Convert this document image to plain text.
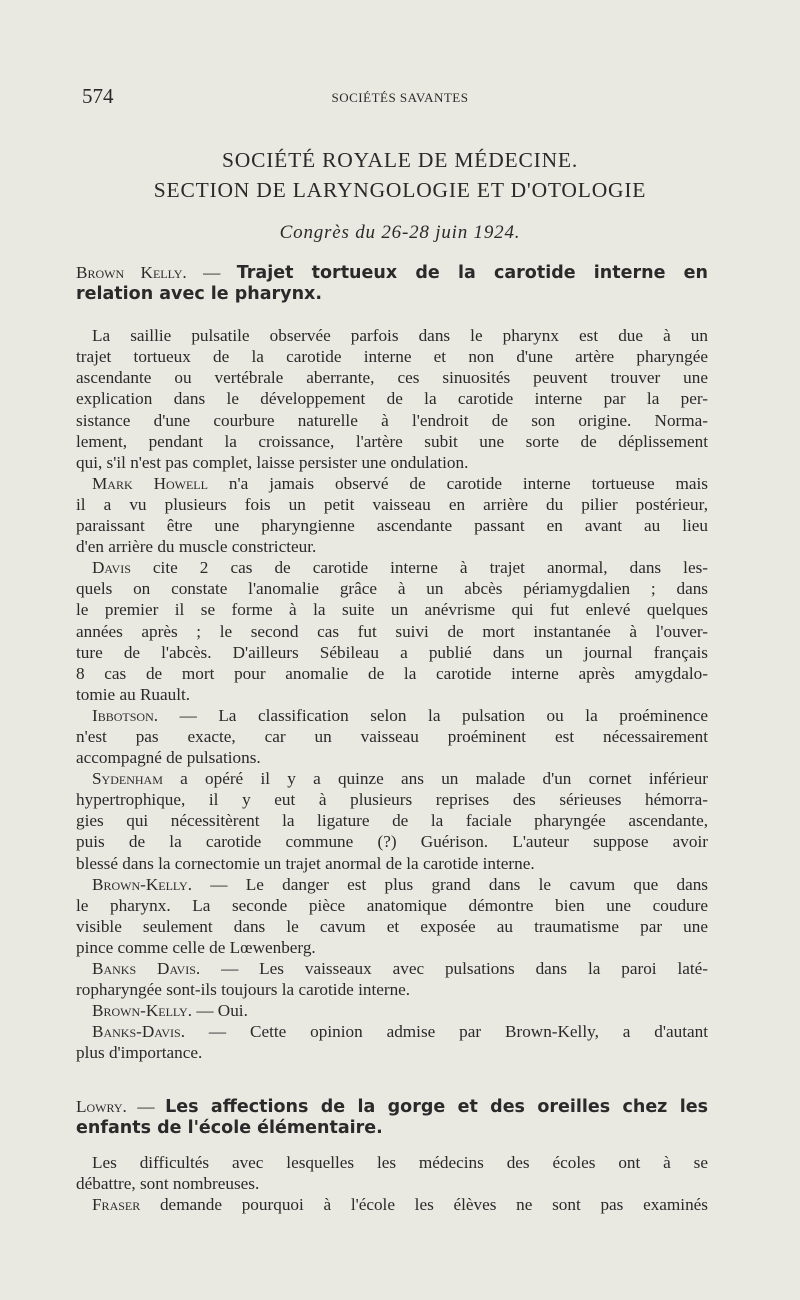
574	SOCIÉTÉS SAVANTES
SOCIÉTÉ ROYALE DE MÉDECINE.
SECTION DE LARYNGOLOGIE ET D'OTOLOGIE
Congrès du 26-28 juin 1924.
Brown Kelly. — Trajet tortueux de la carotide interne en
relation avec le pharynx.
La saillie pulsatile observée parfois dans le pharynx est due à un
trajet tortueux de la carotide interne et non d'une artère pharyngée
ascendante ou vertébrale aberrante, ces sinuosités peuvent trouver une
explication dans le développement de la carotide interne par la per-
sistance d'une courbure naturelle à l'endroit de son origine. Norma-
lement, pendant la croissance, l'artère subit une sorte de déplissement
qui, s'il n'est pas complet, laisse persister une ondulation.
Mark Howell n'a jamais observé de carotide interne tortueuse mais
il a vu plusieurs fois un petit vaisseau en arrière du pilier postérieur,
paraissant être une pharyngienne ascendante passant en avant au lieu
d'en arrière du muscle constricteur.
Davis cite 2 cas de carotide interne à trajet anormal, dans les-
quels on constate l'anomalie grâce à un abcès périamygdalien ; dans
le premier il se forme à la suite un anévrisme qui fut enlevé quelques
années après ; le second cas fut suivi de mort instantanée à l'ouver-
ture de l'abcès. D'ailleurs Sébileau a publié dans un journal français
8 cas de mort pour anomalie de la carotide interne après amygdalo-
tomie au Ruault.
Ibbotson. — La classification selon la pulsation ou la proéminence
n'est pas exacte, car un vaisseau proéminent est nécessairement
accompagné de pulsations.
Sydenham a opéré il y a quinze ans un malade d'un cornet inférieur
hypertrophique, il y eut à plusieurs reprises des sérieuses hémorra-
gies qui nécessitèrent la ligature de la faciale pharyngée ascendante,
puis de la carotide commune (?) Guérison. L'auteur suppose avoir
blessé dans la cornectomie un trajet anormal de la carotide interne.
Brown-Kelly. — Le danger est plus grand dans le cavum que dans
le pharynx. La seconde pièce anatomique démontre bien une coudure
visible seulement dans le cavum et exposée au traumatisme par une
pince comme celle de Lœwenberg.
Banks Davis. — Les vaisseaux avec pulsations dans la paroi laté-
ropharyngée sont-ils toujours la carotide interne.
Brown-Kelly. — Oui.
Banks-Davis. — Cette opinion admise par Brown-Kelly, a d'autant
plus d'importance.
Lowry. — Les affections de la gorge et des oreilles chez les
enfants de l'école élémentaire.
Les difficultés avec lesquelles les médecins des écoles ont à se
débattre, sont nombreuses.
Fraser demande pourquoi à l'école les élèves ne sont pas examinés
